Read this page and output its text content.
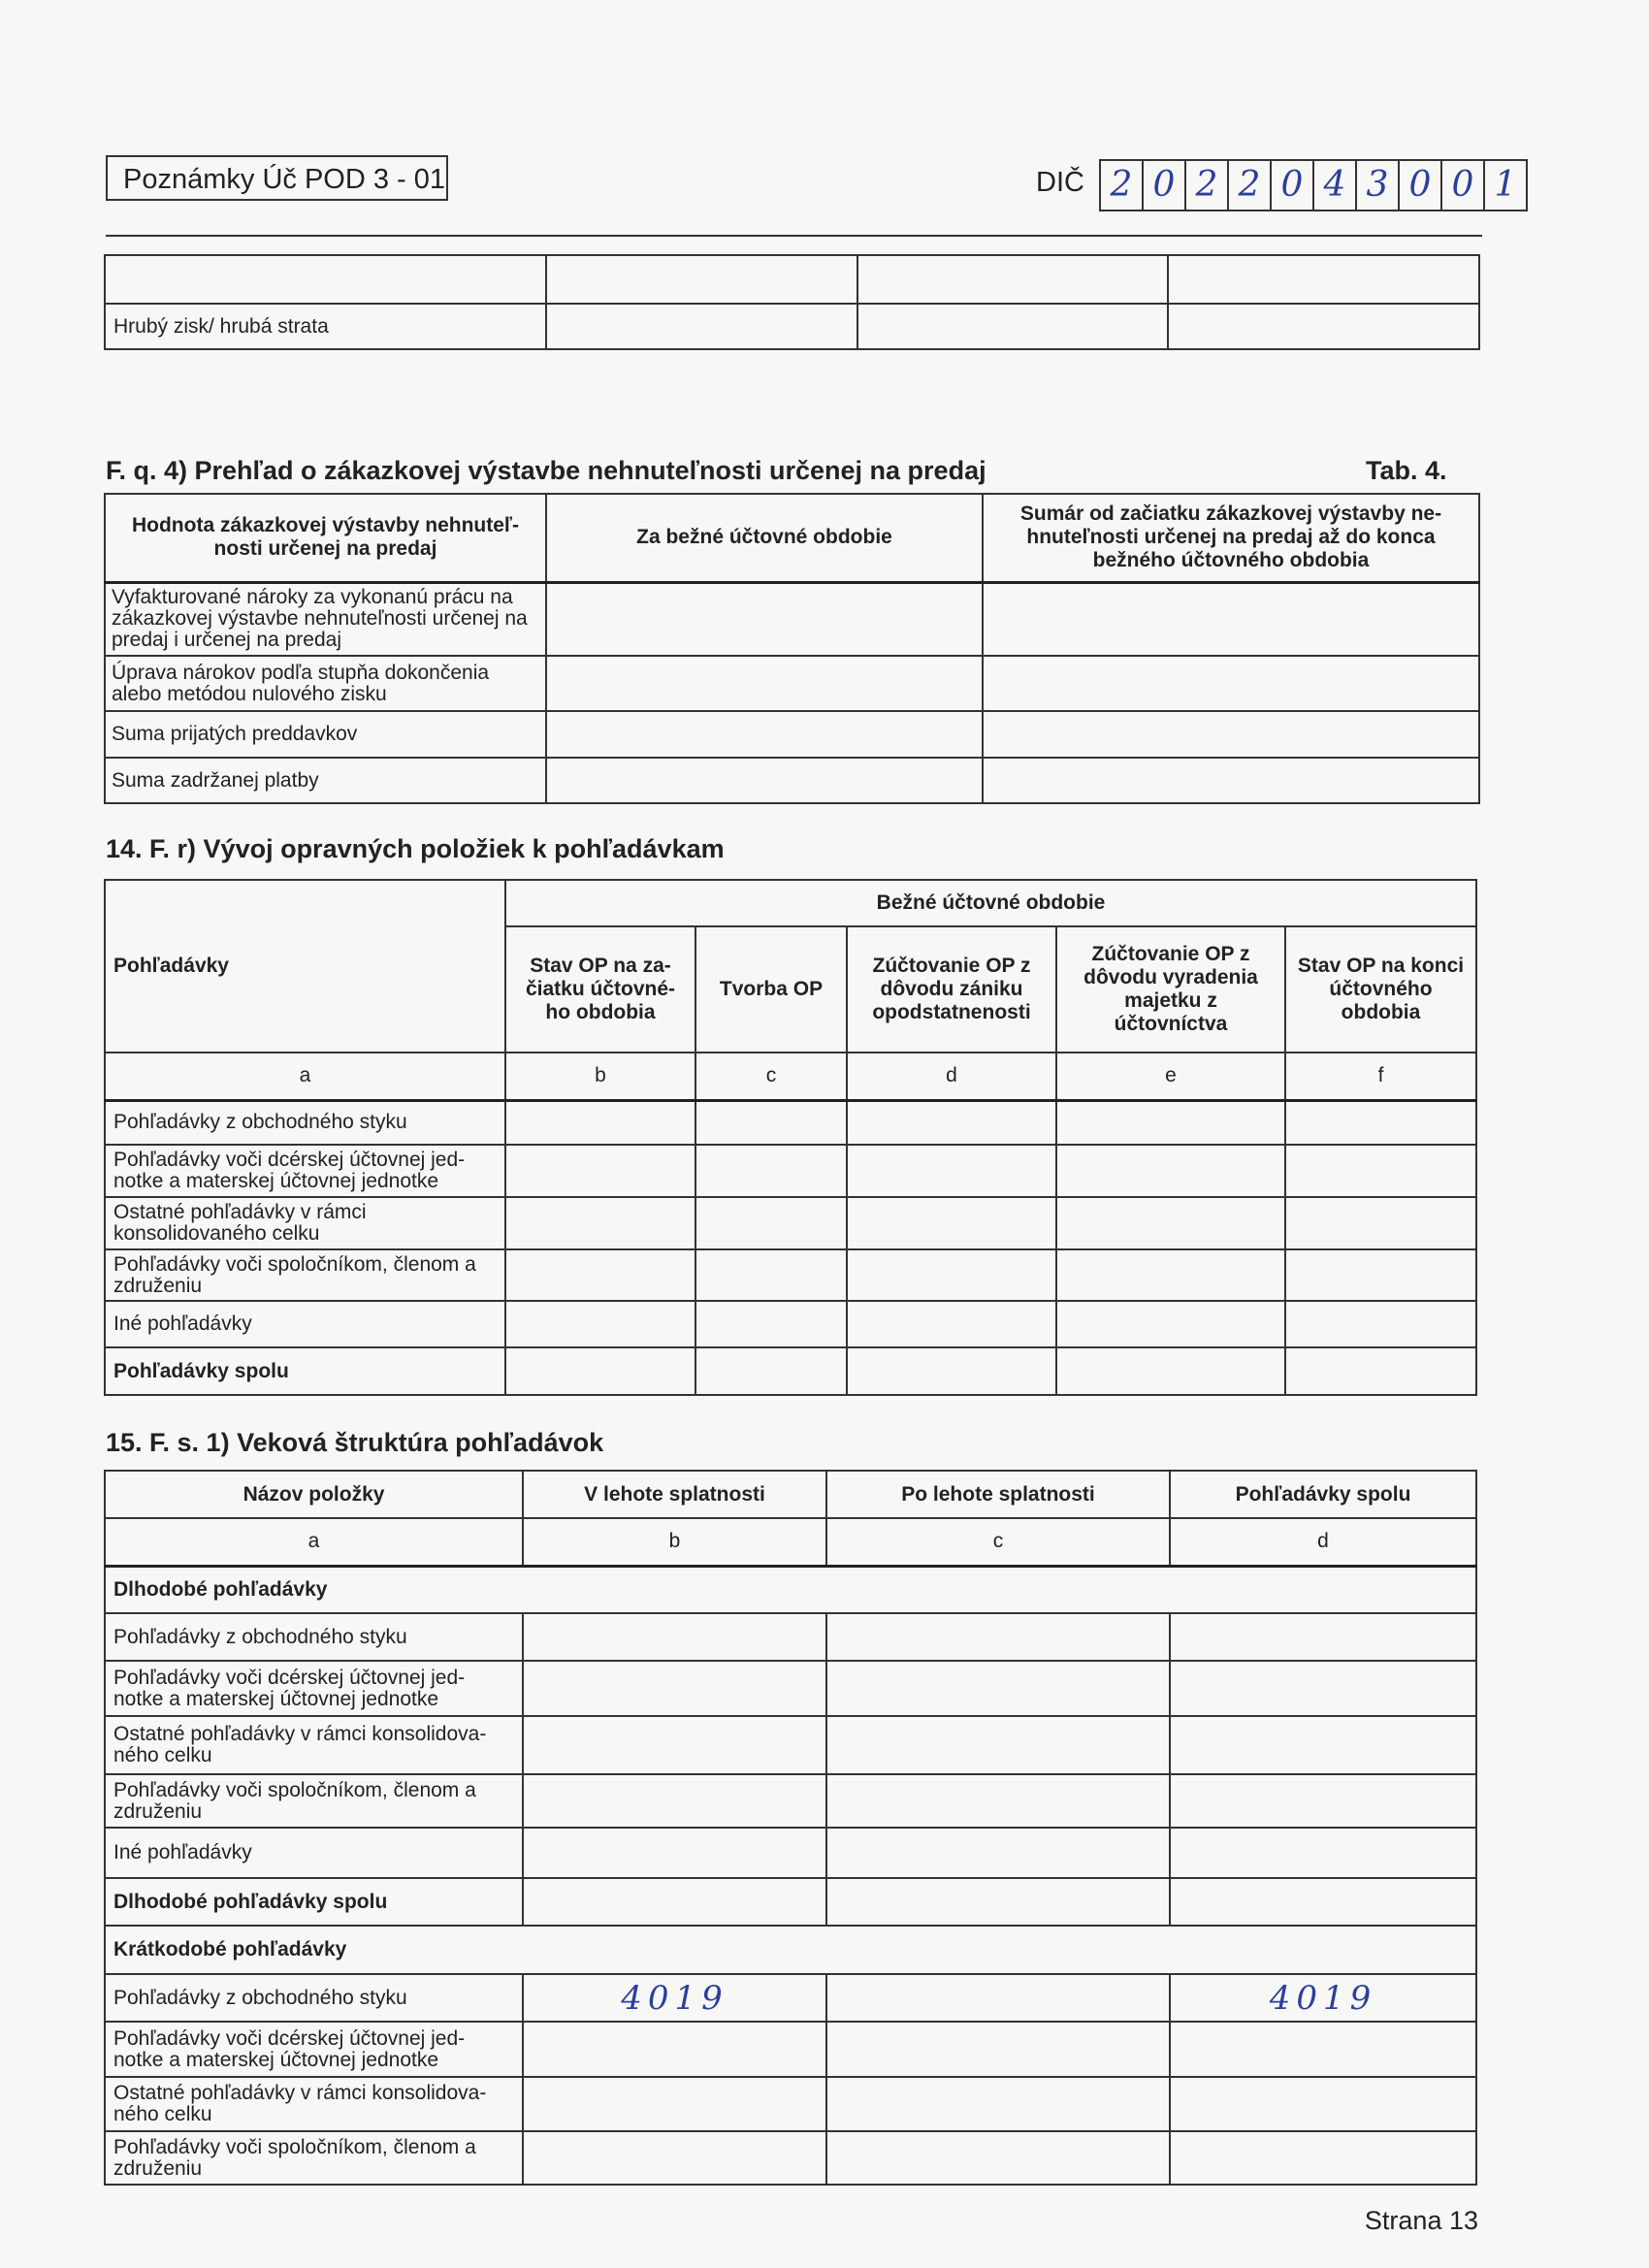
Poznámky Úč POD 3 - 01	DIČ 2 0 2 2 0 4 3 0 0 1

Hrubý zisk/ hrubá strata			
F. q. 4) Prehľad o zákazkovej výstavbe nehnuteľnosti určenej na predaj	Tab. 4.
Hodnota zákazkovej výstavby nehnuteľ-nosti určenej na predaj	Za bežné účtovné obdobie	Sumár od začiatku zákazkovej výstavby ne-hnuteľnosti určenej na predaj až do konca bežného účtovného obdobia
Vyfakturované nároky za vykonanú prácu na zákazkovej výstavbe nehnuteľnosti určenej na predaj i určenej na predaj		
Úprava nárokov podľa stupňa dokončenia alebo metódou nulového zisku		
Suma prijatých preddavkov		
Suma zadržanej platby		
14. F. r) Vývoj opravných položiek k pohľadávkam
Pohľadávky	Bežné účtovné obdobie				
	Stav OP na za-čiatku účtovné-ho obdobia	Tvorba OP	Zúčtovanie OP z dôvodu zániku opodstatnenosti	Zúčtovanie OP z dôvodu vyradenia majetku z účtovníctva	Stav OP na konci účtovného obdobia
a	b	c	d	e	f
Pohľadávky z obchodného styku					
Pohľadávky voči dcérskej účtovnej jed-notke a materskej účtovnej jednotke					
Ostatné pohľadávky v rámci konsolidovaného celku					
Pohľadávky voči spoločníkom, členom a združeniu					
Iné pohľadávky					
Pohľadávky spolu					
15. F. s. 1) Veková štruktúra pohľadávok
Názov položky	V lehote splatnosti	Po lehote splatnosti	Pohľadávky spolu
a	b	c	d
Dlhodobé pohľadávky			
Pohľadávky z obchodného styku			
Pohľadávky voči dcérskej účtovnej jed-notke a materskej účtovnej jednotke			
Ostatné pohľadávky v rámci konsolidova-ného celku			
Pohľadávky voči spoločníkom, členom a združeniu			
Iné pohľadávky			
Dlhodobé pohľadávky spolu			
Krátkodobé pohľadávky			
Pohľadávky z obchodného styku	4019		4019
Pohľadávky voči dcérskej účtovnej jed-notke a materskej účtovnej jednotke			
Ostatné pohľadávky v rámci konsolidova-ného celku			
Pohľadávky voči spoločníkom, členom a združeniu			
Strana 13
